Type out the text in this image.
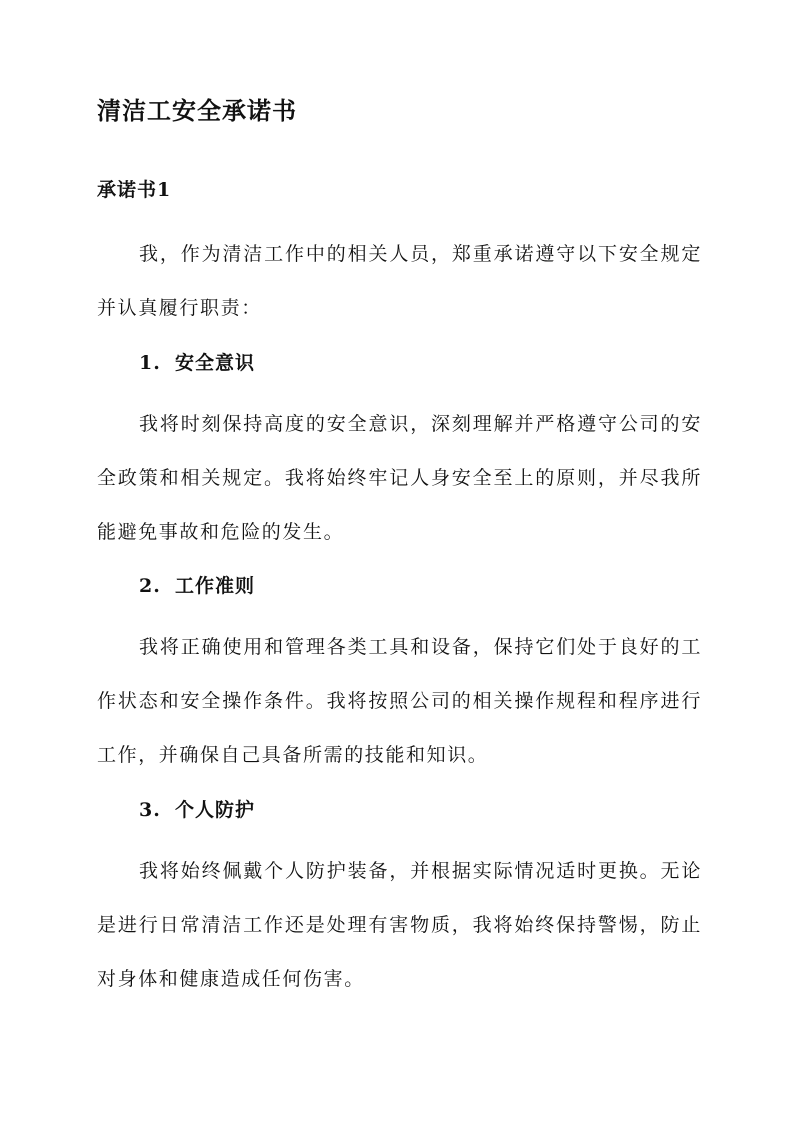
清洁工安全承诺书
承诺书1

我，作为清洁工作中的相关人员，郑重承诺遵守以下安全规定并认真履行职责：

1. 安全意识

我将时刻保持高度的安全意识，深刻理解并严格遵守公司的安全政策和相关规定。我将始终牢记人身安全至上的原则，并尽我所能避免事故和危险的发生。

2. 工作准则

我将正确使用和管理各类工具和设备，保持它们处于良好的工作状态和安全操作条件。我将按照公司的相关操作规程和程序进行工作，并确保自己具备所需的技能和知识。

3. 个人防护

我将始终佩戴个人防护装备，并根据实际情况适时更换。无论是进行日常清洁工作还是处理有害物质，我将始终保持警惕，防止对身体和健康造成任何伤害。
